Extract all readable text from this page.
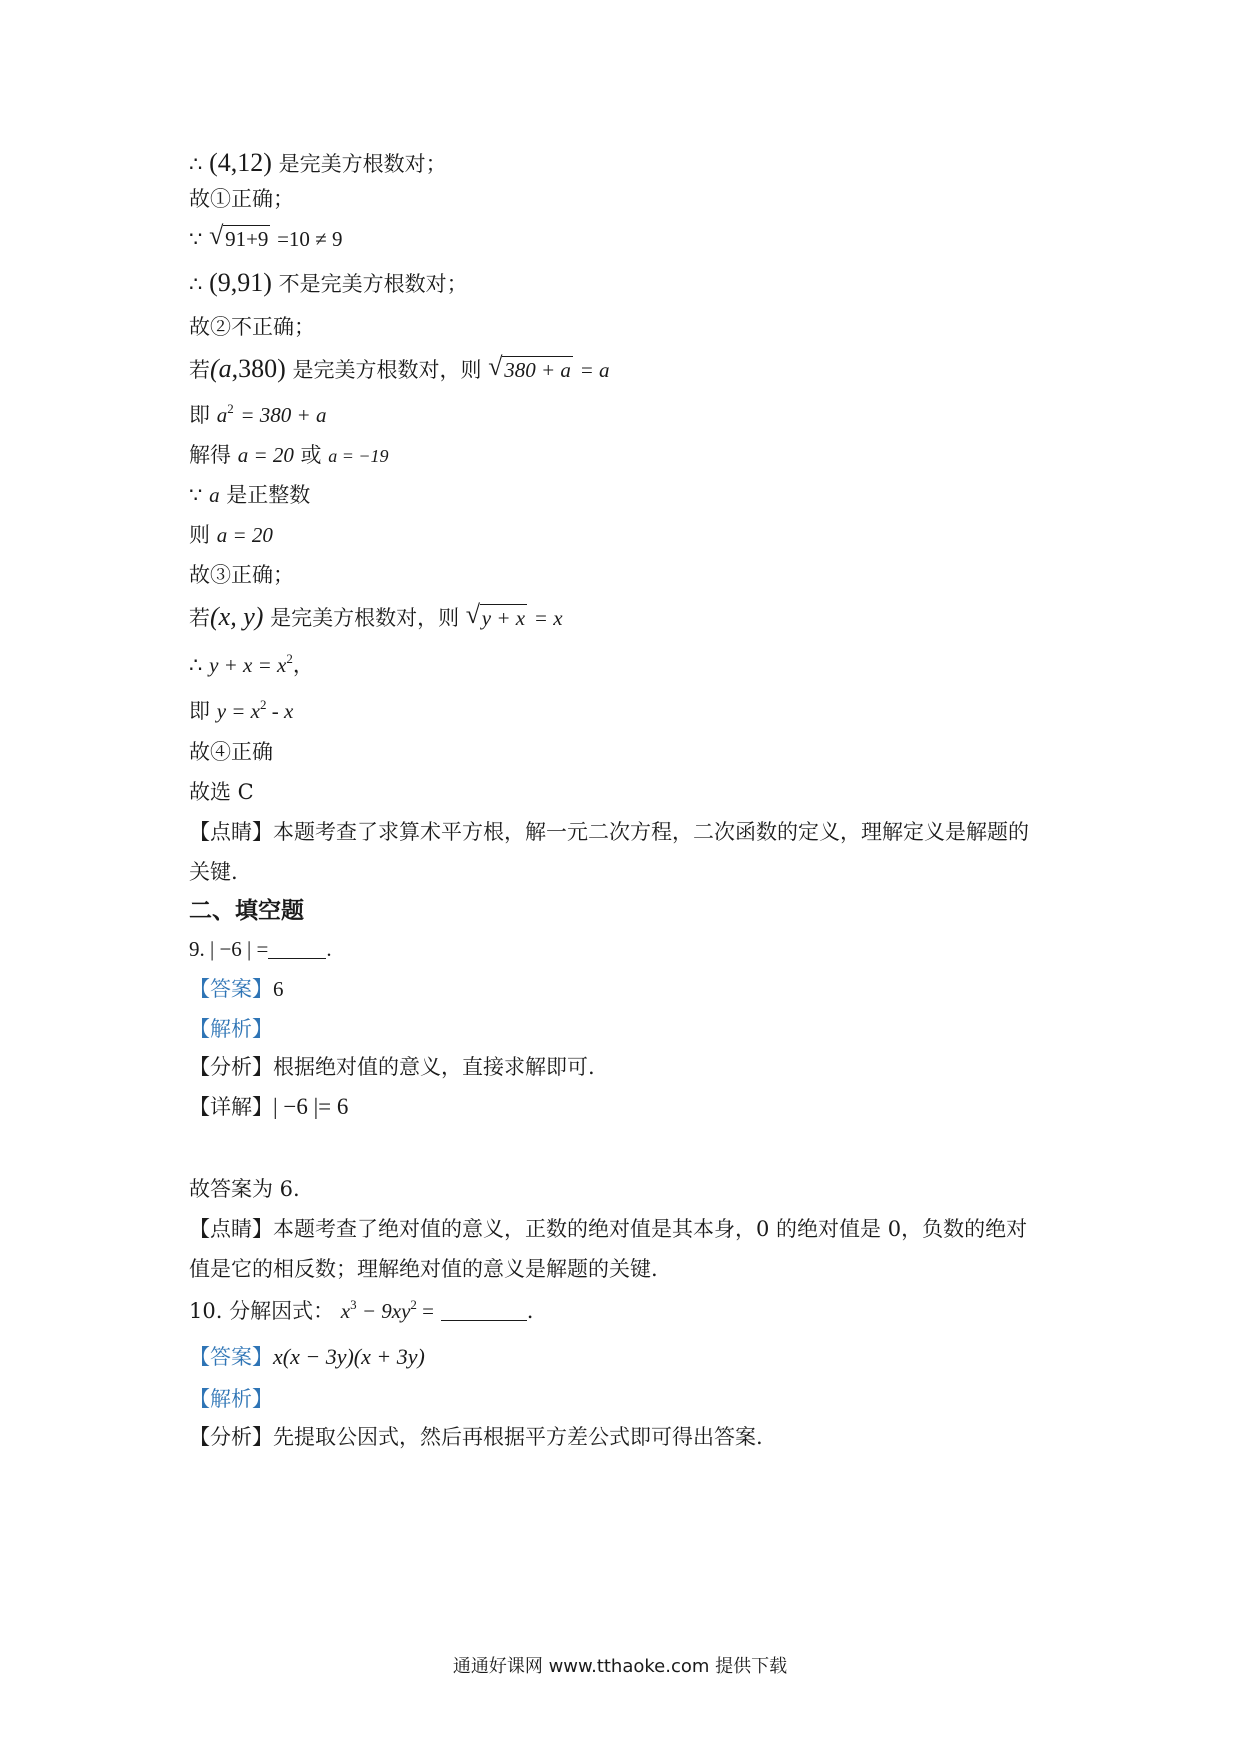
∴ (4,12) 是完美方根数对；
故①正确；
∵ √ 91+9 =10 ≠ 9
∴ (9,91) 不是完美方根数对；
故②不正确；
若(a,380) 是完美方根数对，则 √ 380 + a = a
即 $a^2 = 380 + a$
解得 a = 20 或 a = −19
∵ a 是正整数
则 a = 20
故③正确；
若(x, y) 是完美方根数对，则 √ y + x = x
∴ $y + x = x^2$，
即 $y = x^2 - x$
故④正确
故选 C
【点睛】本题考查了求算术平方根，解一元二次方程，二次函数的定义，理解定义是解题的
关键.
二、填空题
9. | −6 | =	.
【答案】6
【解析】
【分析】根据绝对值的意义，直接求解即可.
【详解】| −6 |= 6
故答案为 6.
【点睛】本题考查了绝对值的意义，正数的绝对值是其本身，0 的绝对值是 0，负数的绝对
值是它的相反数；理解绝对值的意义是解题的关键.
10. 分解因式： $x^3 - 9xy^2$ =	.
【答案】x(x − 3y)(x + 3y)
【解析】
【分析】先提取公因式，然后再根据平方差公式即可得出答案.
通通好课网 www.tthaoke.com 提供下载
